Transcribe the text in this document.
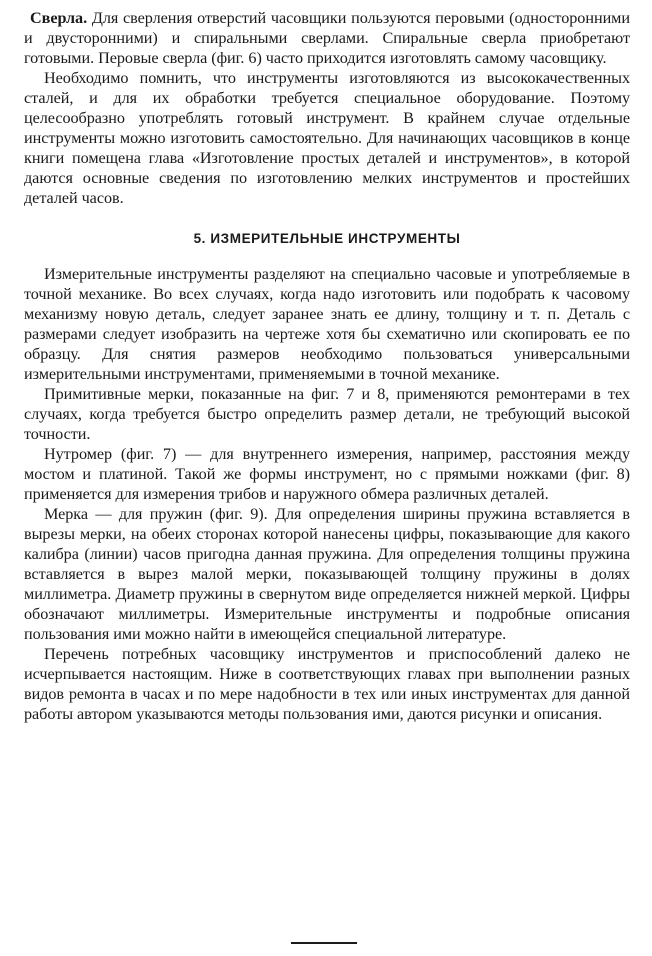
Сверла. Для сверления отверстий часовщики пользуются перовыми (односторонними и двусторонними) и спиральными сверлами. Спиральные сверла приобретают готовыми. Перовые сверла (фиг. 6) часто приходится изготовлять самому часовщику.

Необходимо помнить, что инструменты изготовляются из высококачественных сталей, и для их обработки требуется специальное оборудование. Поэтому целесообразно употреблять готовый инструмент. В крайнем случае отдельные инструменты можно изготовить самостоятельно. Для начинающих часовщиков в конце книги помещена глава «Изготовление простых деталей и инструментов», в которой даются основные сведения по изготовлению мелких инструментов и простейших деталей часов.

5. ИЗМЕРИТЕЛЬНЫЕ ИНСТРУМЕНТЫ

Измерительные инструменты разделяют на специально часовые и употребляемые в точной механике. Во всех случаях, когда надо изготовить или подобрать к часовому механизму новую деталь, следует заранее знать ее длину, толщину и т. п. Деталь с размерами следует изобразить на чертеже хотя бы схематично или скопировать ее по образцу. Для снятия размеров необходимо пользоваться универсальными измерительными инструментами, применяемыми в точной механике.

Примитивные мерки, показанные на фиг. 7 и 8, применяются ремонтерами в тех случаях, когда требуется быстро определить размер детали, не требующий высокой точности.

Нутромер (фиг. 7) — для внутреннего измерения, например, расстояния между мостом и платиной. Такой же формы инструмент, но с прямыми ножками (фиг. 8) применяется для измерения трибов и наружного обмера различных деталей.

Мерка — для пружин (фиг. 9). Для определения ширины пружина вставляется в вырезы мерки, на обеих сторонах которой нанесены цифры, показывающие для какого калибра (линии) часов пригодна данная пружина. Для определения толщины пружина вставляется в вырез малой мерки, показывающей толщину пружины в долях миллиметра. Диаметр пружины в свернутом виде определяется нижней меркой. Цифры обозначают миллиметры. Измерительные инструменты и подробные описания пользования ими можно найти в имеющейся специальной литературе.

Перечень потребных часовщику инструментов и приспособлений далеко не исчерпывается настоящим. Ниже в соответствующих главах при выполнении разных видов ремонта в часах и по мере надобности в тех или иных инструментах для данной работы автором указываются методы пользования ими, даются рисунки и описания.
